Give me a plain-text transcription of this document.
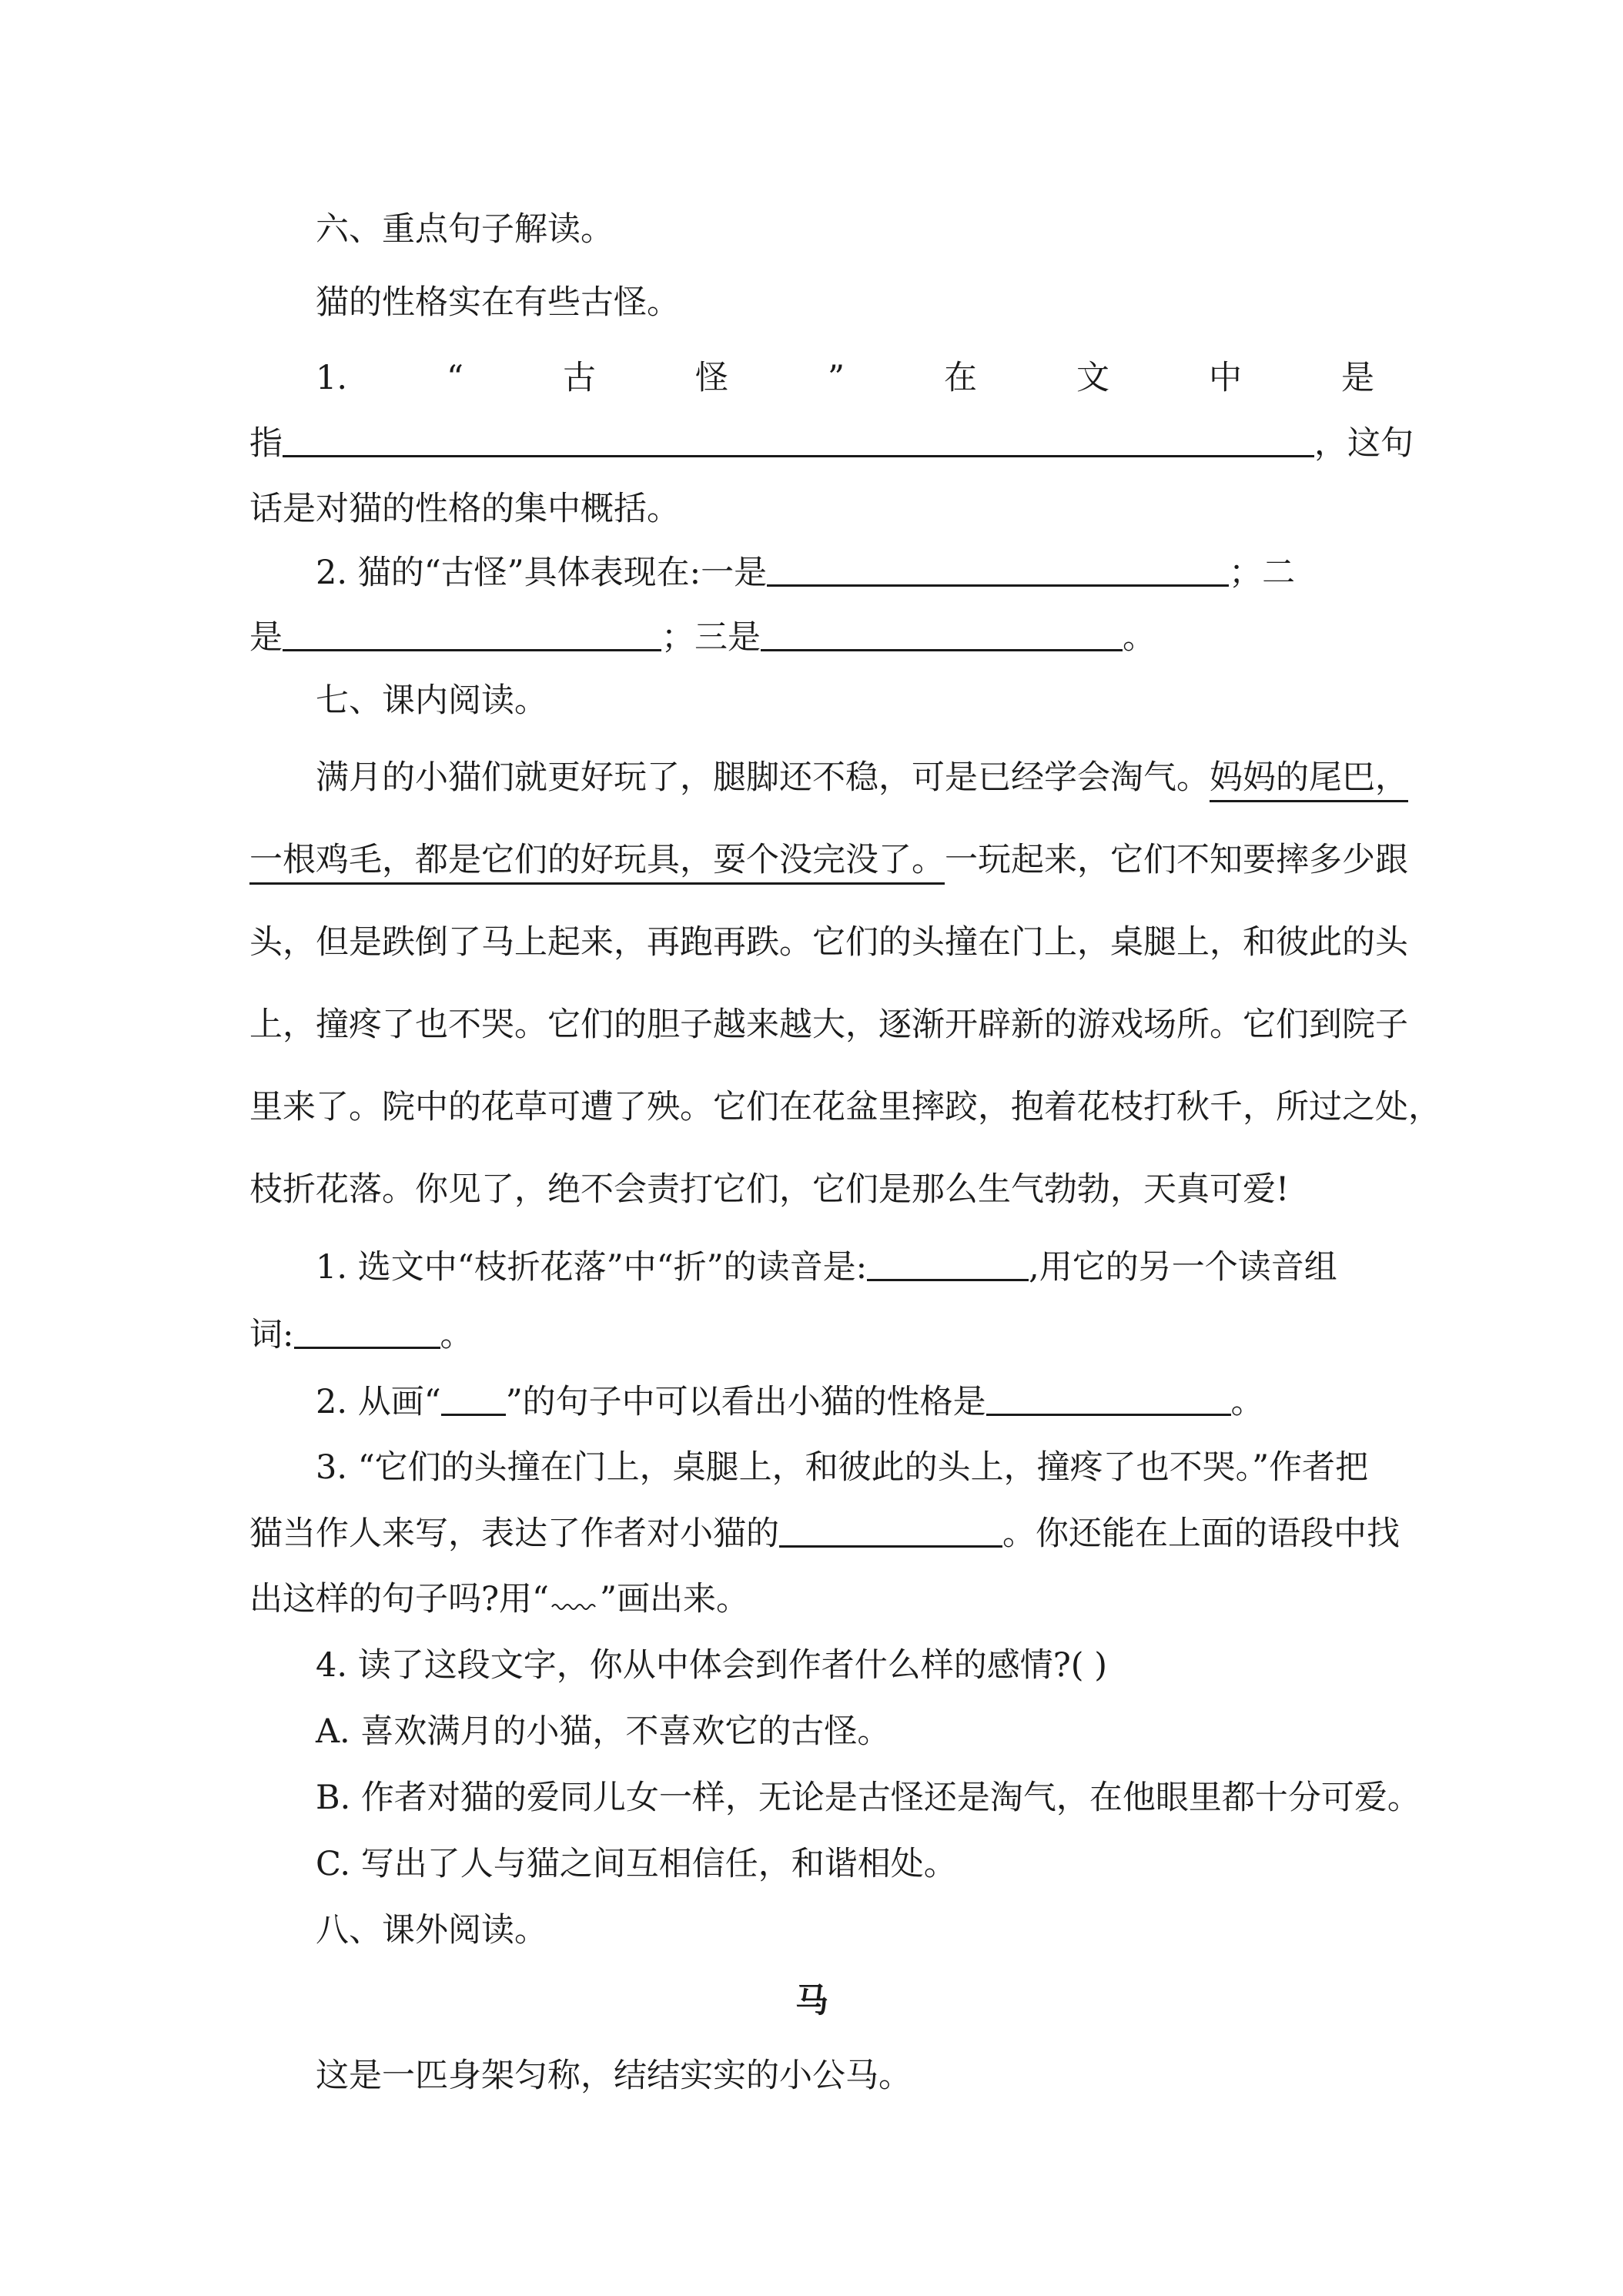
六、重点句子解读。
猫的性格实在有些古怪。
1.	“	古	怪	”	在	文	中	是
指	，这句
话是对猫的性格的集中概括。
2. 猫的“古怪”具体表现在:一是	；二
是	；三是	。
七、课内阅读。
满月的小猫们就更好玩了，腿脚还不稳，可是已经学会淘气。妈妈的尾巴，
一根鸡毛，都是它们的好玩具，耍个没完没了。一玩起来，它们不知要摔多少跟
头，但是跌倒了马上起来，再跑再跌。它们的头撞在门上，桌腿上，和彼此的头
上，撞疼了也不哭。它们的胆子越来越大，逐渐开辟新的游戏场所。它们到院子
里来了。院中的花草可遭了殃。它们在花盆里摔跤，抱着花枝打秋千，所过之处，
枝折花落。你见了，绝不会责打它们，它们是那么生气勃勃，天真可爱!
1. 选文中“枝折花落”中“折”的读音是:	,用它的另一个读音组
词:	。
2. 从画“ ”的句子中可以看出小猫的性格是	。
3. “它们的头撞在门上，桌腿上，和彼此的头上，撞疼了也不哭。”作者把
猫当作人来写，表达了作者对小猫的	。你还能在上面的语段中找
出这样的句子吗?用“ ”画出来。
4. 读了这段文字，你从中体会到作者什么样的感情?( )
A. 喜欢满月的小猫，不喜欢它的古怪。
B. 作者对猫的爱同儿女一样，无论是古怪还是淘气，在他眼里都十分可爱。
C. 写出了人与猫之间互相信任，和谐相处。
八、课外阅读。
马
这是一匹身架匀称，结结实实的小公马。
